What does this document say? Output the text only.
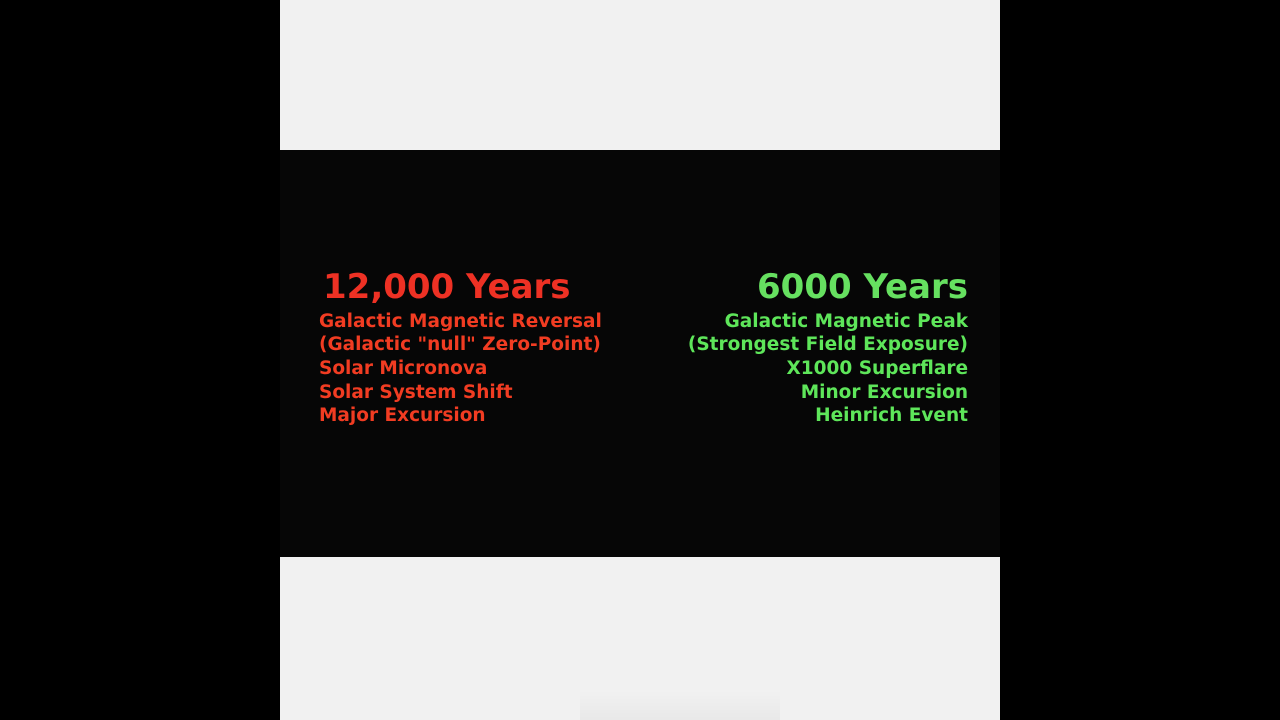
12,000 Years
Galactic Magnetic Reversal
(Galactic "null" Zero-Point)
Solar Micronova
Solar System Shift
Major Excursion
6000 Years
Galactic Magnetic Peak
(Strongest Field Exposure)
X1000 Superflare
Minor Excursion
Heinrich Event
